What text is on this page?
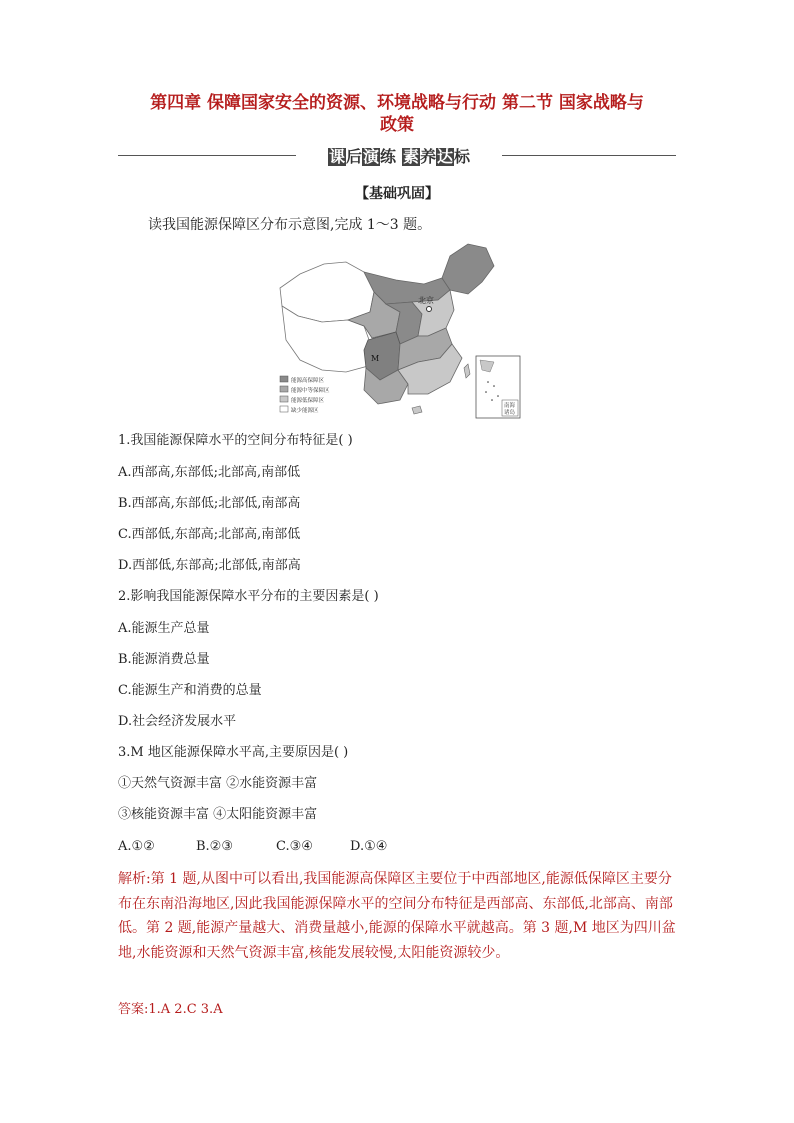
第四章 保障国家安全的资源、环境战略与行动 第二节 国家战略与
政策
课后演练 素养达标
【基础巩固】
读我国能源保障区分布示意图,完成 1～3 题。
北京
M
能源高保障区
能源中等保障区
能源低保障区
缺少能源区
南海
诸岛
1.我国能源保障水平的空间分布特征是( )
A.西部高,东部低;北部高,南部低
B.西部高,东部低;北部低,南部高
C.西部低,东部高;北部高,南部低
D.西部低,东部高;北部低,南部高
2.影响我国能源保障水平分布的主要因素是( )
A.能源生产总量
B.能源消费总量
C.能源生产和消费的总量
D.社会经济发展水平
3.M 地区能源保障水平高,主要原因是( )
①天然气资源丰富 ②水能资源丰富
③核能资源丰富 ④太阳能资源丰富
A.①②	B.②③	C.③④	D.①④
解析:第 1 题,从图中可以看出,我国能源高保障区主要位于中西部地区,能源低保障区主要分布在东南沿海地区,因此我国能源保障水平的空间分布特征是西部高、东部低,北部高、南部低。第 2 题,能源产量越大、消费量越小,能源的保障水平就越高。第 3 题,M 地区为四川盆地,水能资源和天然气资源丰富,核能发展较慢,太阳能资源较少。
答案:1.A 2.C 3.A
